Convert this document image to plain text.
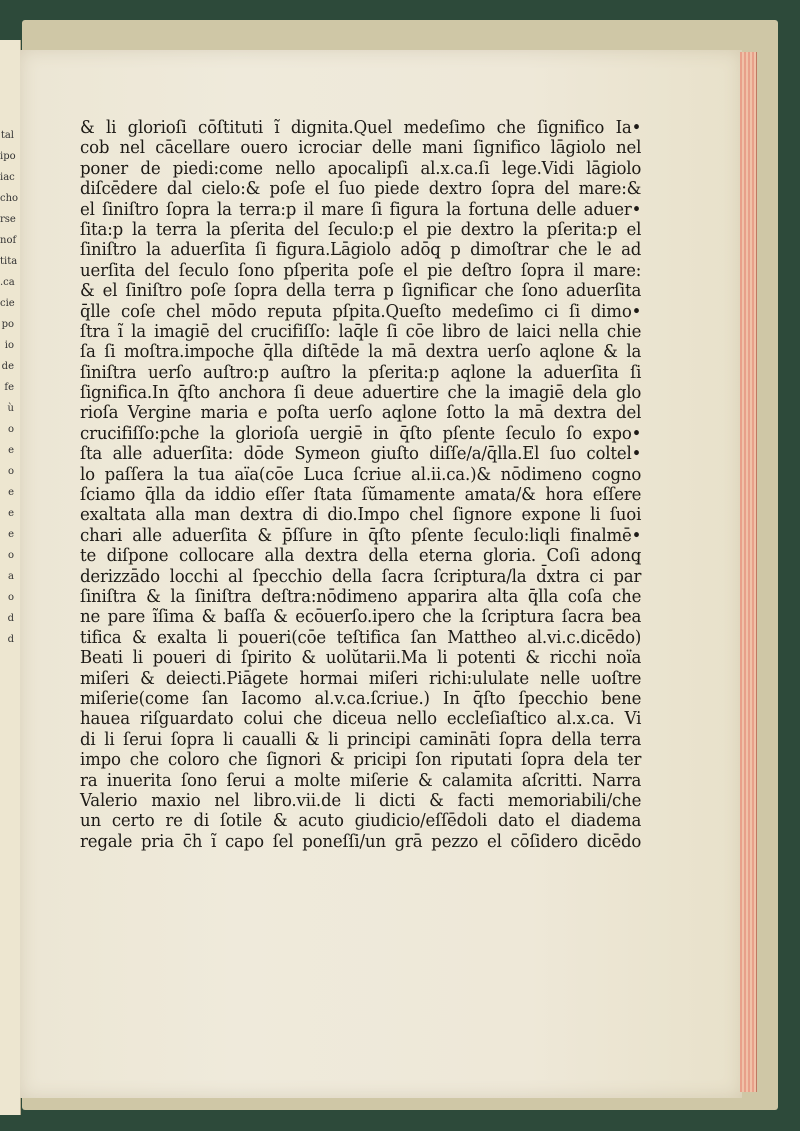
tal
ipo
iac
cho
rse
nof
tita
.ca
cie
po
io
de
fe
ù
o
e
o
e
e
e
o
a
o
d
d
& li glorioſi cōſtituti ĩ dignita.Quel medeſimo che ſignifico Ia•
cob nel cācellare ouero icrociar delle mani ſignifico lāgiolo nel
poner de piedi:come nello apocalipſi al.x.ca.ſi lege.Vidi lāgiolo
diſcēdere dal cielo:& poſe el ſuo piede dextro ſopra del mare:&
el ſiniſtro ſopra la terra:p il mare ſi figura la fortuna delle aduer•
ſita:p la terra la pſerita del ſeculo:p el pie dextro la pſerita:p el
ſiniſtro la aduerſita ſi figura.Lāgiolo adōq̧ p dimoſtrar che le ad
uerſita del ſeculo ſono pſperita poſe el pie deſtro ſopra il mare:
& el ſiniſtro poſe ſopra della terra p ſignificar che ſono aduerſita
q̄lle coſe chel mōdo reputa pſpita.Queſto medeſimo ci ſi dimo•
ſtra ĩ la imagiē del crucifiſſo: laq̄le ſi cōe libro de laici nella chie
ſa ſi moſtra.impoche q̄lla diſtēde la mā dextra uerſo aqlone & la
ſiniſtra uerſo auſtro:p auſtro la pſerita:p aqlone la aduerſita ſi
ſignifica.In q̄ſto anchora ſi deue aduertire che la imagiē dela glo
rioſa Vergine maria e poſta uerſo aqlone ſotto la mā dextra del
crucifiſſo:pche la glorioſa uergiē in q̄ſto pſente ſeculo ſo expo•
ſta alle aduerſita: dōde Symeon giuſto diſſe/a/q̄lla.El ſuo coltel•
lo paſſera la tua aïa(cōe Luca ſcriue al.ii.ca.)& nōdimeno cogno
ſciamo q̄lla da iddio eſſer ſtata ſŭmamente amata/& hora eſſere
exaltata alla man dextra di dio.Impo chel ſignore expone li ſuoi
chari alle aduerſita & p̄ſſure in q̄ſto pſente ſeculo:liqli finalmē•
te diſpone collocare alla dextra della eterna gloria. Coſi adonq̧
derizzādo locchi al ſpecchio della ſacra ſcriptura/la d̄xtra ci par
ſiniſtra & la ſiniſtra deſtra:nōdimeno apparira alta q̄lla coſa che
ne pare ĩſima & baſſa & ecōuerſo.ipero che la ſcriptura ſacra bea
tifica & exalta li poueri(cōe teſtifica ſan Mattheo al.vi.c.dicēdo)
Beati li poueri di ſpirito & uolŭtarii.Ma li potenti & ricchi noïa
miſeri & deiecti.Piāgete hormai miſeri richi:ululate nelle uoſtre
miſerie(come ſan Iacomo al.v.ca.ſcriue.) In q̄ſto ſpecchio bene
hauea riſguardato colui che diceua nello eccleſiaſtico al.x.ca. Vi
di li ſerui ſopra li caualli & li principi camināti ſopra della terra
impo che coloro che ſignori & pricipi ſon riputati ſopra dela ter
ra inuerita ſono ſerui a molte miſerie & calamita aſcritti. Narra
Valerio maxio nel libro.vii.de li dicti & facti memoriabili/che
un certo re di ſotile & acuto giudicio/eſſēdoli dato el diadema
regale pria c̄h ĩ capo ſel poneſſi/un grā pezzo el cōſidero dicēdo
